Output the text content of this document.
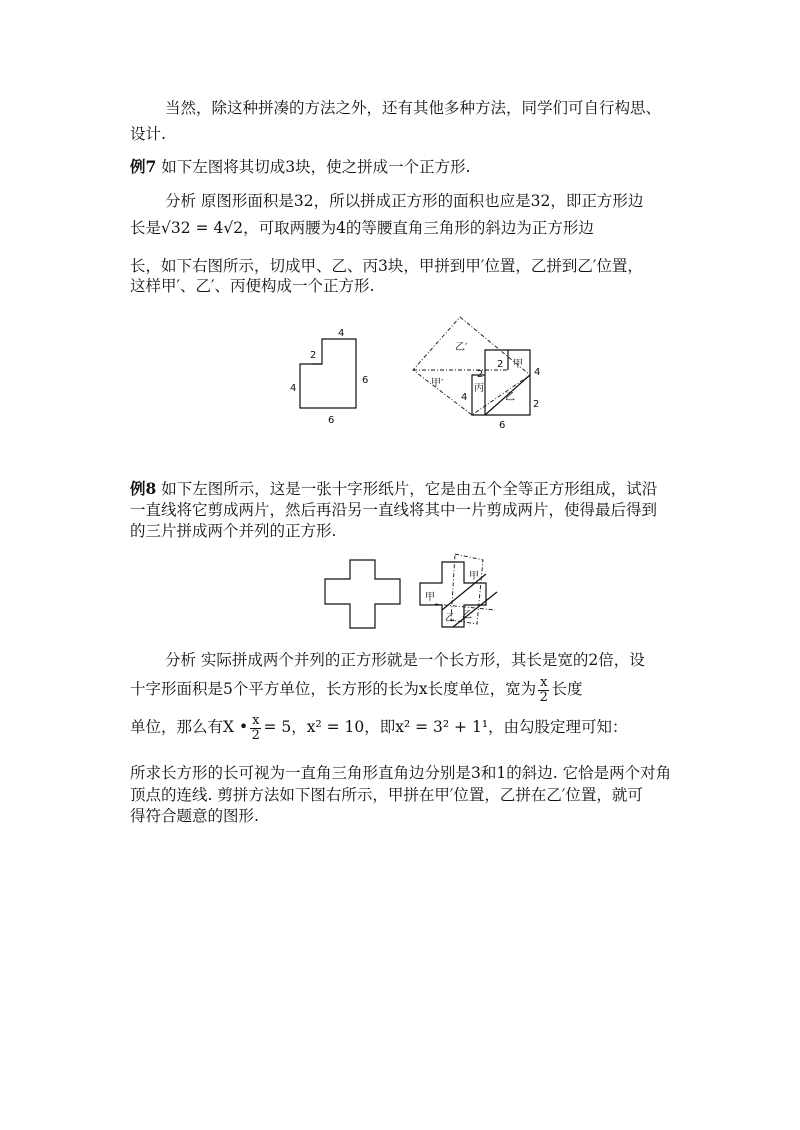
当然，除这种拼凑的方法之外，还有其他多种方法，同学们可自行构思、
设计.
例7 如下左图将其切成3块，使之拼成一个正方形.
分析 原图形面积是32，所以拼成正方形的面积也应是32，即正方形边
长是√32 = 4√2，可取两腰为4的等腰直角三角形的斜边为正方形边
长，如下右图所示，切成甲、乙、丙3块，甲拼到甲′位置，乙拼到乙′位置，
这样甲′、乙′、丙便构成一个正方形.
4
2
4
6
6
乙′
甲
2
4
甲′	丙
2
乙
4
2
6
例8 如下左图所示，这是一张十字形纸片，它是由五个全等正方形组成，试沿
一直线将它剪成两片，然后再沿另一直线将其中一片剪成两片，使得最后得到
的三片拼成两个并列的正方形.
甲
甲
乙 乙
分析 实际拼成两个并列的正方形就是一个长方形，其长是宽的2倍，设
十字形面积是5个平方单位，长方形的长为x长度单位，宽为 $\frac{x}{2}$ 长度
单位，那么有X • $\frac{x}{2} = 5$，x² = 10，即x² = 3² + 1¹，由勾股定理可知：
所求长方形的长可视为一直角三角形直角边分别是3和1的斜边. 它恰是两个对角
顶点的连线. 剪拼方法如下图右所示，甲拼在甲′位置，乙拼在乙′位置，就可
得符合题意的图形.
